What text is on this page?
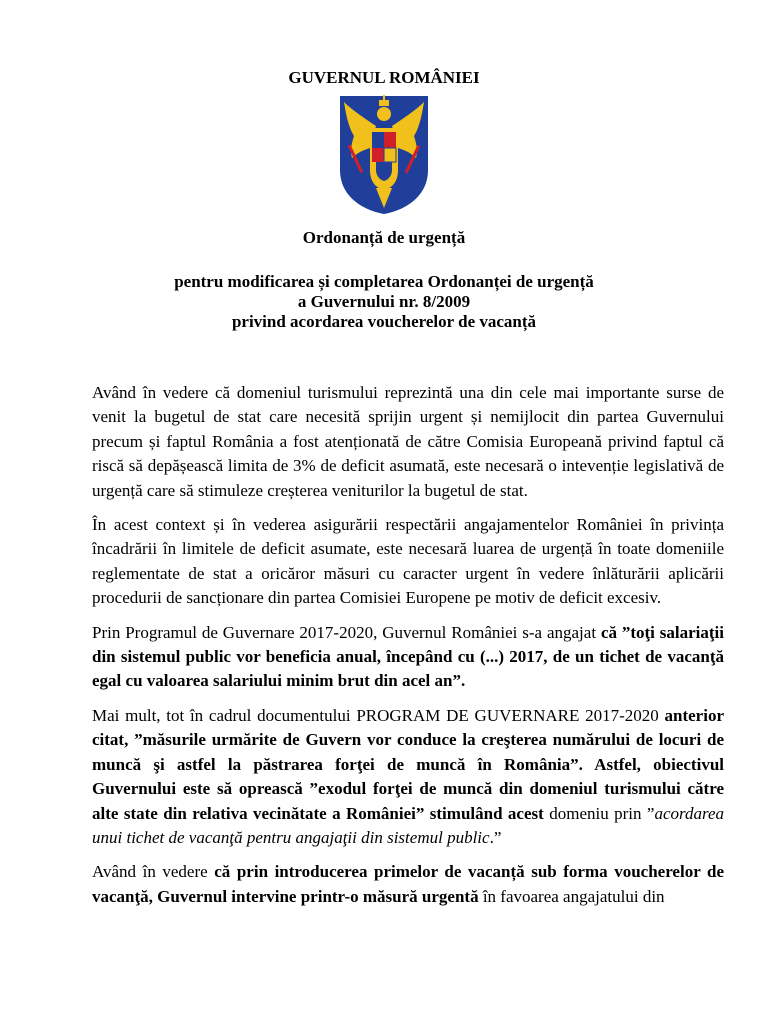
GUVERNUL ROMÂNIEI
Ordonanță de urgență
pentru modificarea și completarea Ordonanței de urgență
a Guvernului nr. 8/2009
privind acordarea voucherelor de vacanță

Având în vedere că domeniul turismului reprezintă una din cele mai importante surse de venit la bugetul de stat care necesită sprijin urgent și nemijlocit din partea Guvernului precum și faptul România a fost atenționată de către Comisia Europeană privind faptul că riscă să depășească limita de 3% de deficit asumată, este necesară o intevenție legislativă de urgență care să stimuleze creșterea veniturilor la bugetul de stat.

În acest context și în vederea asigurării respectării angajamentelor României în privința încadrării în limitele de deficit asumate, este necesară luarea de urgență în toate domeniile reglementate de stat a oricăror măsuri cu caracter urgent în vedere înlăturării aplicării procedurii de sancționare din partea Comisiei Europene pe motiv de deficit excesiv.

Prin Programul de Guvernare 2017-2020, Guvernul României s-a angajat că ”toţi salariaţii din sistemul public vor beneficia anual, începând cu (...) 2017, de un tichet de vacanţă egal cu valoarea salariului minim brut din acel an”.

Mai mult, tot în cadrul documentului PROGRAM DE GUVERNARE 2017-2020 anterior citat, ”măsurile urmărite de Guvern vor conduce la creşterea numărului de locuri de muncă şi astfel la păstrarea forţei de muncă în România”. Astfel, obiectivul Guvernului este să oprească ”exodul forţei de muncă din domeniul turismului către alte state din relativa vecinătate a României” stimulând acest domeniu prin ”acordarea unui tichet de vacanţă pentru angajaţii din sistemul public.”

Având în vedere că prin introducerea primelor de vacanță sub forma voucherelor de vacanţă, Guvernul intervine printr-o măsură urgentă în favoarea angajatului din
